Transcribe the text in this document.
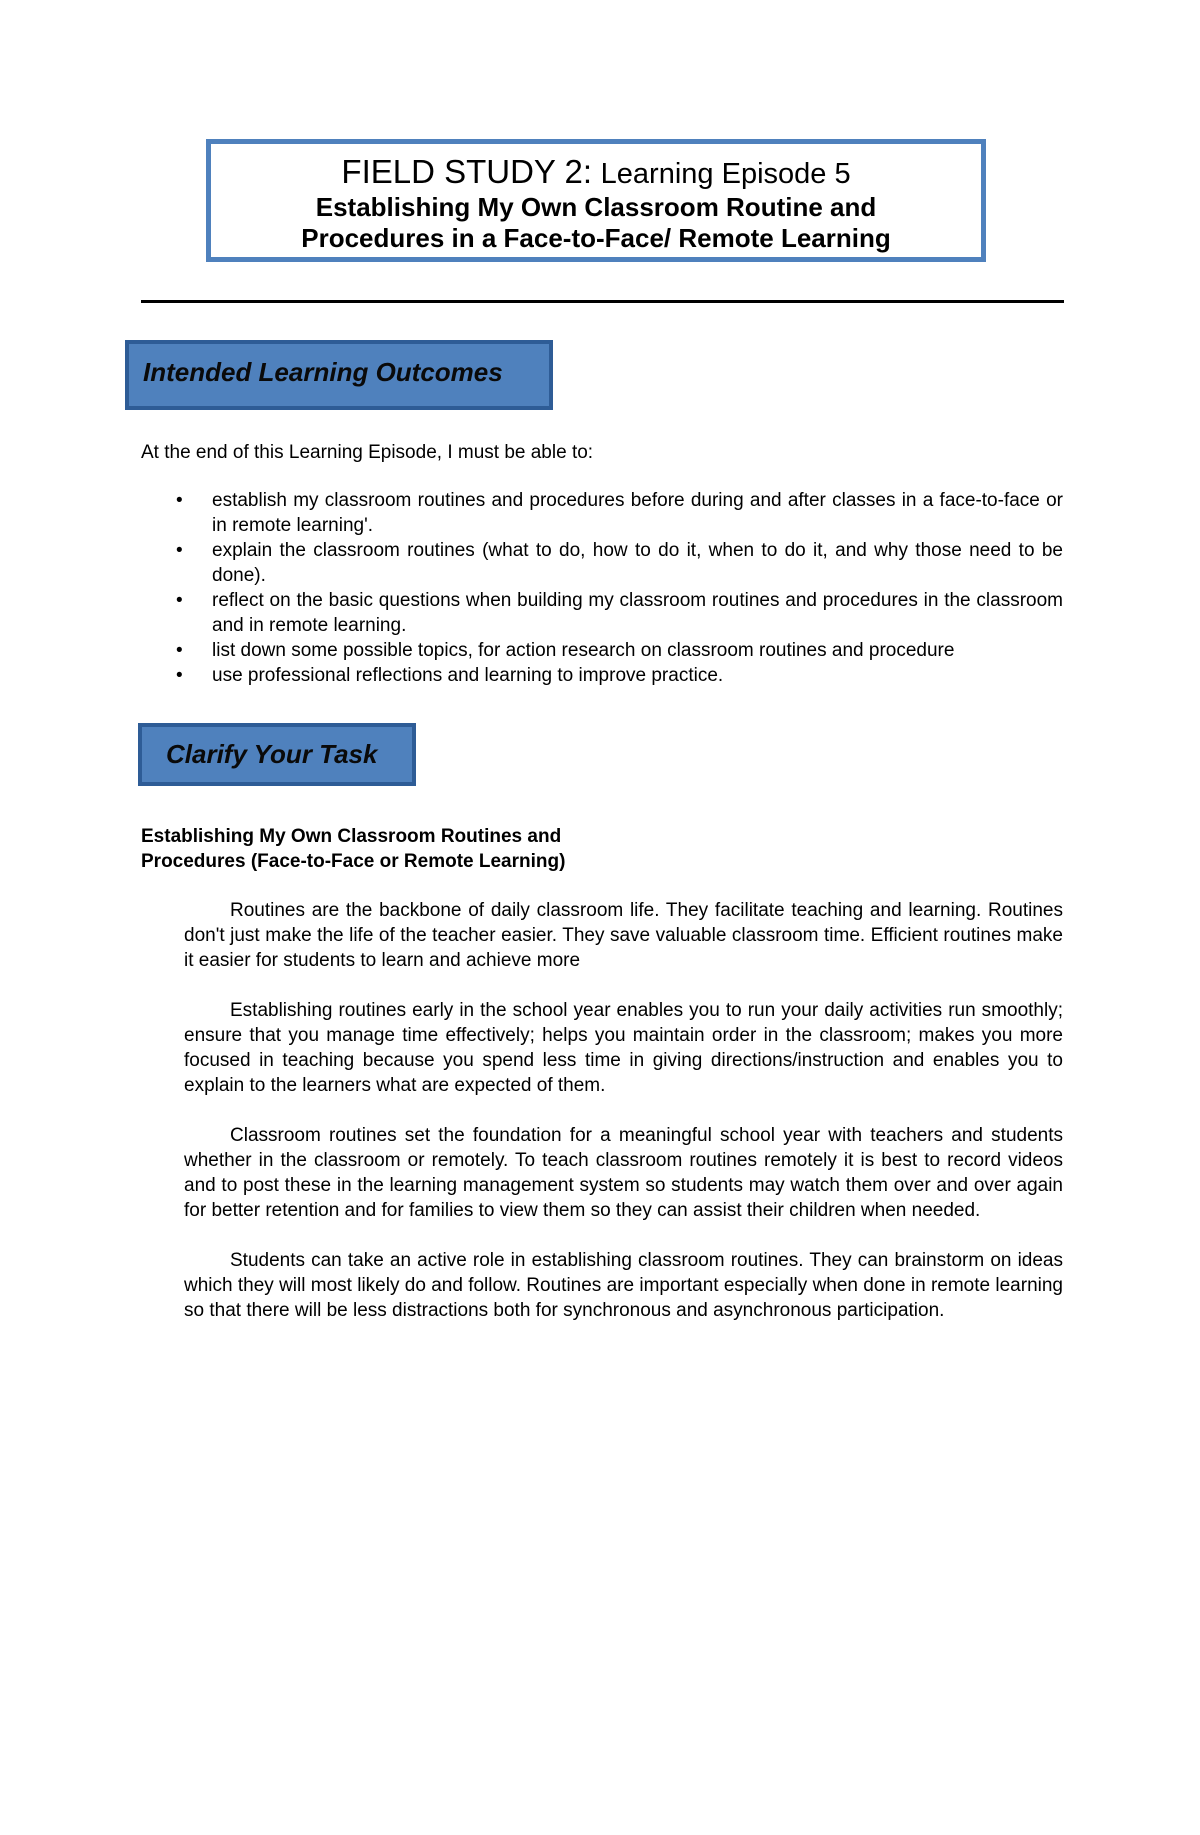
FIELD STUDY 2: Learning Episode 5
Establishing My Own Classroom Routine and
Procedures in a Face-to-Face/ Remote Learning
Intended Learning Outcomes
At the end of this Learning Episode, I must be able to:
• establish my classroom routines and procedures before during and after classes in a face-to-face or in remote learning'.
• explain the classroom routines (what to do, how to do it, when to do it, and why those need to be done).
• reflect on the basic questions when building my classroom routines and procedures in the classroom and in remote learning.
• list down some possible topics, for action research on classroom routines and procedure
• use professional reflections and learning to improve practice.
Clarify Your Task
Establishing My Own Classroom Routines and
Procedures (Face-to-Face or Remote Learning)

Routines are the backbone of daily classroom life. They facilitate teaching and learning. Routines don't just make the life of the teacher easier. They save valuable classroom time. Efficient routines make it easier for students to learn and achieve more

Establishing routines early in the school year enables you to run your daily activities run smoothly; ensure that you manage time effectively; helps you maintain order in the classroom; makes you more focused in teaching because you spend less time in giving directions/instruction and enables you to explain to the learners what are expected of them.

Classroom routines set the foundation for a meaningful school year with teachers and students whether in the classroom or remotely. To teach classroom routines remotely it is best to record videos and to post these in the learning management system so students may watch them over and over again for better retention and for families to view them so they can assist their children when needed.

Students can take an active role in establishing classroom routines. They can brainstorm on ideas which they will most likely do and follow. Routines are important especially when done in remote learning so that there will be less distractions both for synchronous and asynchronous participation.
